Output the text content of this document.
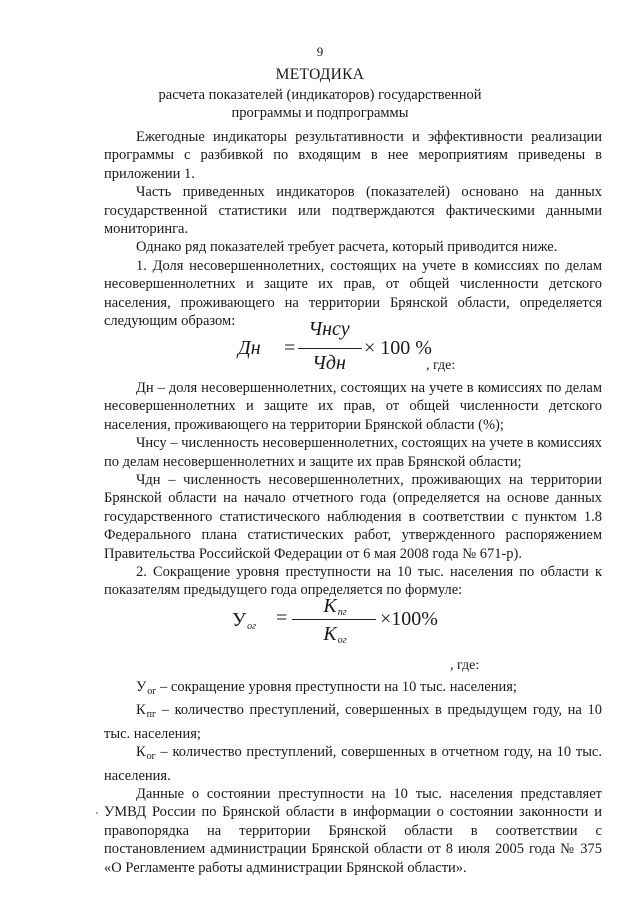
9
МЕТОДИКА
расчета показателей (индикаторов) государственной программы и подпрограммы

Ежегодные индикаторы результативности и эффективности реализации программы с разбивкой по входящим в нее мероприятиям приведены в приложении 1.

Часть приведенных индикаторов (показателей) основано на данных государственной статистики или подтверждаются фактическими данными мониторинга.

Однако ряд показателей требует расчета, который приводится ниже.

1. Доля несовершеннолетних, состоящих на учете в комиссиях по делам несовершеннолетних и защите их прав, от общей численности детского населения, проживающего на территории Брянской области, определяется следующим образом:

Дн =
Чнсу
Чдн
× 100 %
, где:

Дн – доля несовершеннолетних, состоящих на учете в комиссиях по делам несовершеннолетних и защите их прав, от общей численности детского населения, проживающего на территории Брянской области (%);

Чнсу – численность несовершеннолетних, состоящих на учете в комиссиях по делам несовершеннолетних и защите их прав Брянской области;

Чдн – численность несовершеннолетних, проживающих на территории Брянской области на начало отчетного года (определяется на основе данных государственного статистического наблюдения в соответствии с пунктом 1.8 Федерального плана статистических работ, утвержденного распоряжением Правительства Российской Федерации от 6 мая 2008 года № 671-р).

2. Сокращение уровня преступности на 10 тыс. населения по области к показателям предыдущего года определяется по формуле:

$У_{ог}$ =
$К_{пг}$
$К_{ог}$
×100%
, где:

$У_{ог}$ – сокращение уровня преступности на 10 тыс. населения;

$К_{пг}$ – количество преступлений, совершенных в предыдущем году, на 10 тыс. населения;

$К_{ог}$ – количество преступлений, совершенных в отчетном году, на 10 тыс. населения.

Данные о состоянии преступности на 10 тыс. населения представляет УМВД России по Брянской области в информации о состоянии законности и правопорядка на территории Брянской области в соответствии с постановлением администрации Брянской области от 8 июля 2005 года № 375 «О Регламенте работы администрации Брянской области».
